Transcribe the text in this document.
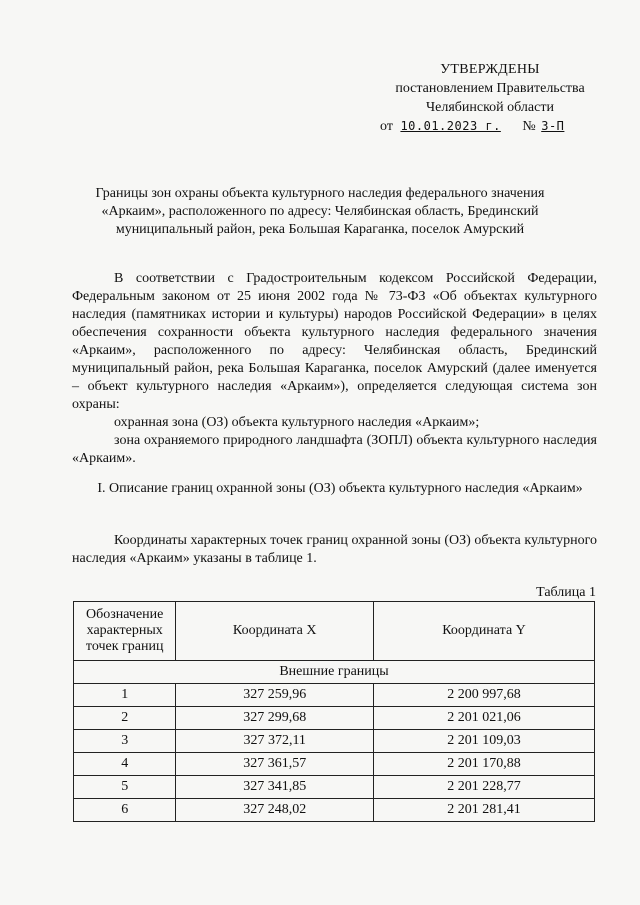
УТВЕРЖДЕНЫ
постановлением Правительства
Челябинской области
от 10.01.2023 г. № 3-П
Границы зон охраны объекта культурного наследия федерального значения «Аркаим», расположенного по адресу: Челябинская область, Брединский муниципальный район, река Большая Караганка, поселок Амурский
В соответствии с Градостроительным кодексом Российской Федерации, Федеральным законом от 25 июня 2002 года № 73-ФЗ «Об объектах культурного наследия (памятниках истории и культуры) народов Российской Федерации» в целях обеспечения сохранности объекта культурного наследия федерального значения «Аркаим», расположенного по адресу: Челябинская область, Брединский муниципальный район, река Большая Караганка, поселок Амурский (далее именуется – объект культурного наследия «Аркаим»), определяется следующая система зон охраны:
охранная зона (ОЗ) объекта культурного наследия «Аркаим»;
зона охраняемого природного ландшафта (ЗОПЛ) объекта культурного наследия «Аркаим».
I. Описание границ охранной зоны (ОЗ) объекта культурного наследия «Аркаим»
Координаты характерных точек границ охранной зоны (ОЗ) объекта культурного наследия «Аркаим» указаны в таблице 1.
Таблица 1
Обозначение характерных точек границ	Координата X	Координата Y
Внешние границы		
1	327 259,96	2 200 997,68
2	327 299,68	2 201 021,06
3	327 372,11	2 201 109,03
4	327 361,57	2 201 170,88
5	327 341,85	2 201 228,77
6	327 248,02	2 201 281,41
